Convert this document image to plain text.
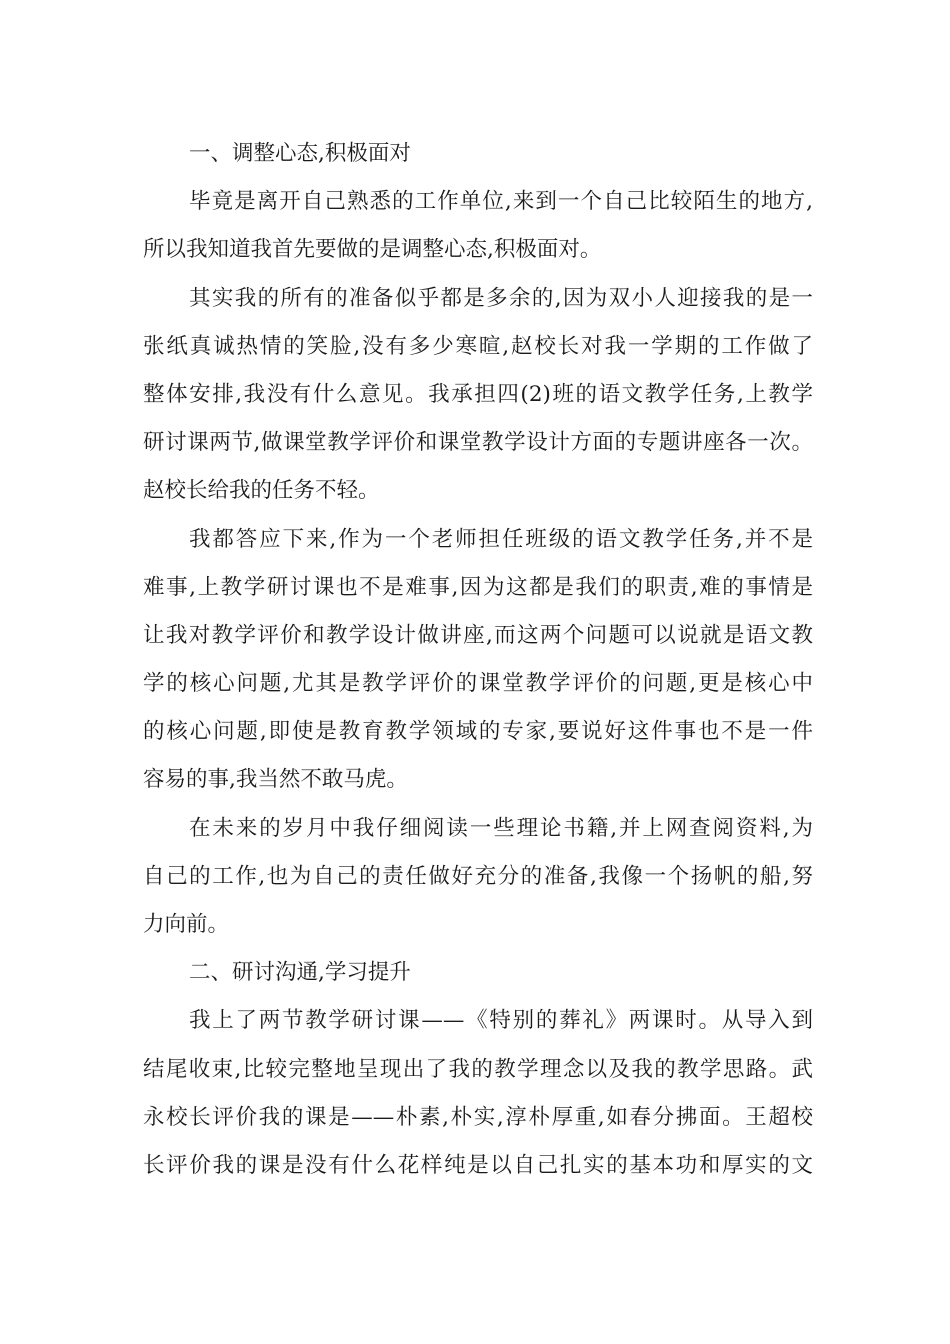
一、调整心态,积极面对
毕竟是离开自己熟悉的工作单位,来到一个自己比较陌生的地方,
所以我知道我首先要做的是调整心态,积极面对。
其实我的所有的准备似乎都是多余的,因为双小人迎接我的是一
张纸真诚热情的笑脸,没有多少寒暄,赵校长对我一学期的工作做了
整体安排,我没有什么意见。我承担四(2)班的语文教学任务,上教学
研讨课两节,做课堂教学评价和课堂教学设计方面的专题讲座各一次。
赵校长给我的任务不轻。
我都答应下来,作为一个老师担任班级的语文教学任务,并不是
难事,上教学研讨课也不是难事,因为这都是我们的职责,难的事情是
让我对教学评价和教学设计做讲座,而这两个问题可以说就是语文教
学的核心问题,尤其是教学评价的课堂教学评价的问题,更是核心中
的核心问题,即使是教育教学领域的专家,要说好这件事也不是一件
容易的事,我当然不敢马虎。
在未来的岁月中我仔细阅读一些理论书籍,并上网查阅资料,为
自己的工作,也为自己的责任做好充分的准备,我像一个扬帆的船,努
力向前。
二、研讨沟通,学习提升
我上了两节教学研讨课——《特别的葬礼》两课时。从导入到
结尾收束,比较完整地呈现出了我的教学理念以及我的教学思路。武
永校长评价我的课是——朴素,朴实,淳朴厚重,如春分拂面。王超校
长评价我的课是没有什么花样纯是以自己扎实的基本功和厚实的文
